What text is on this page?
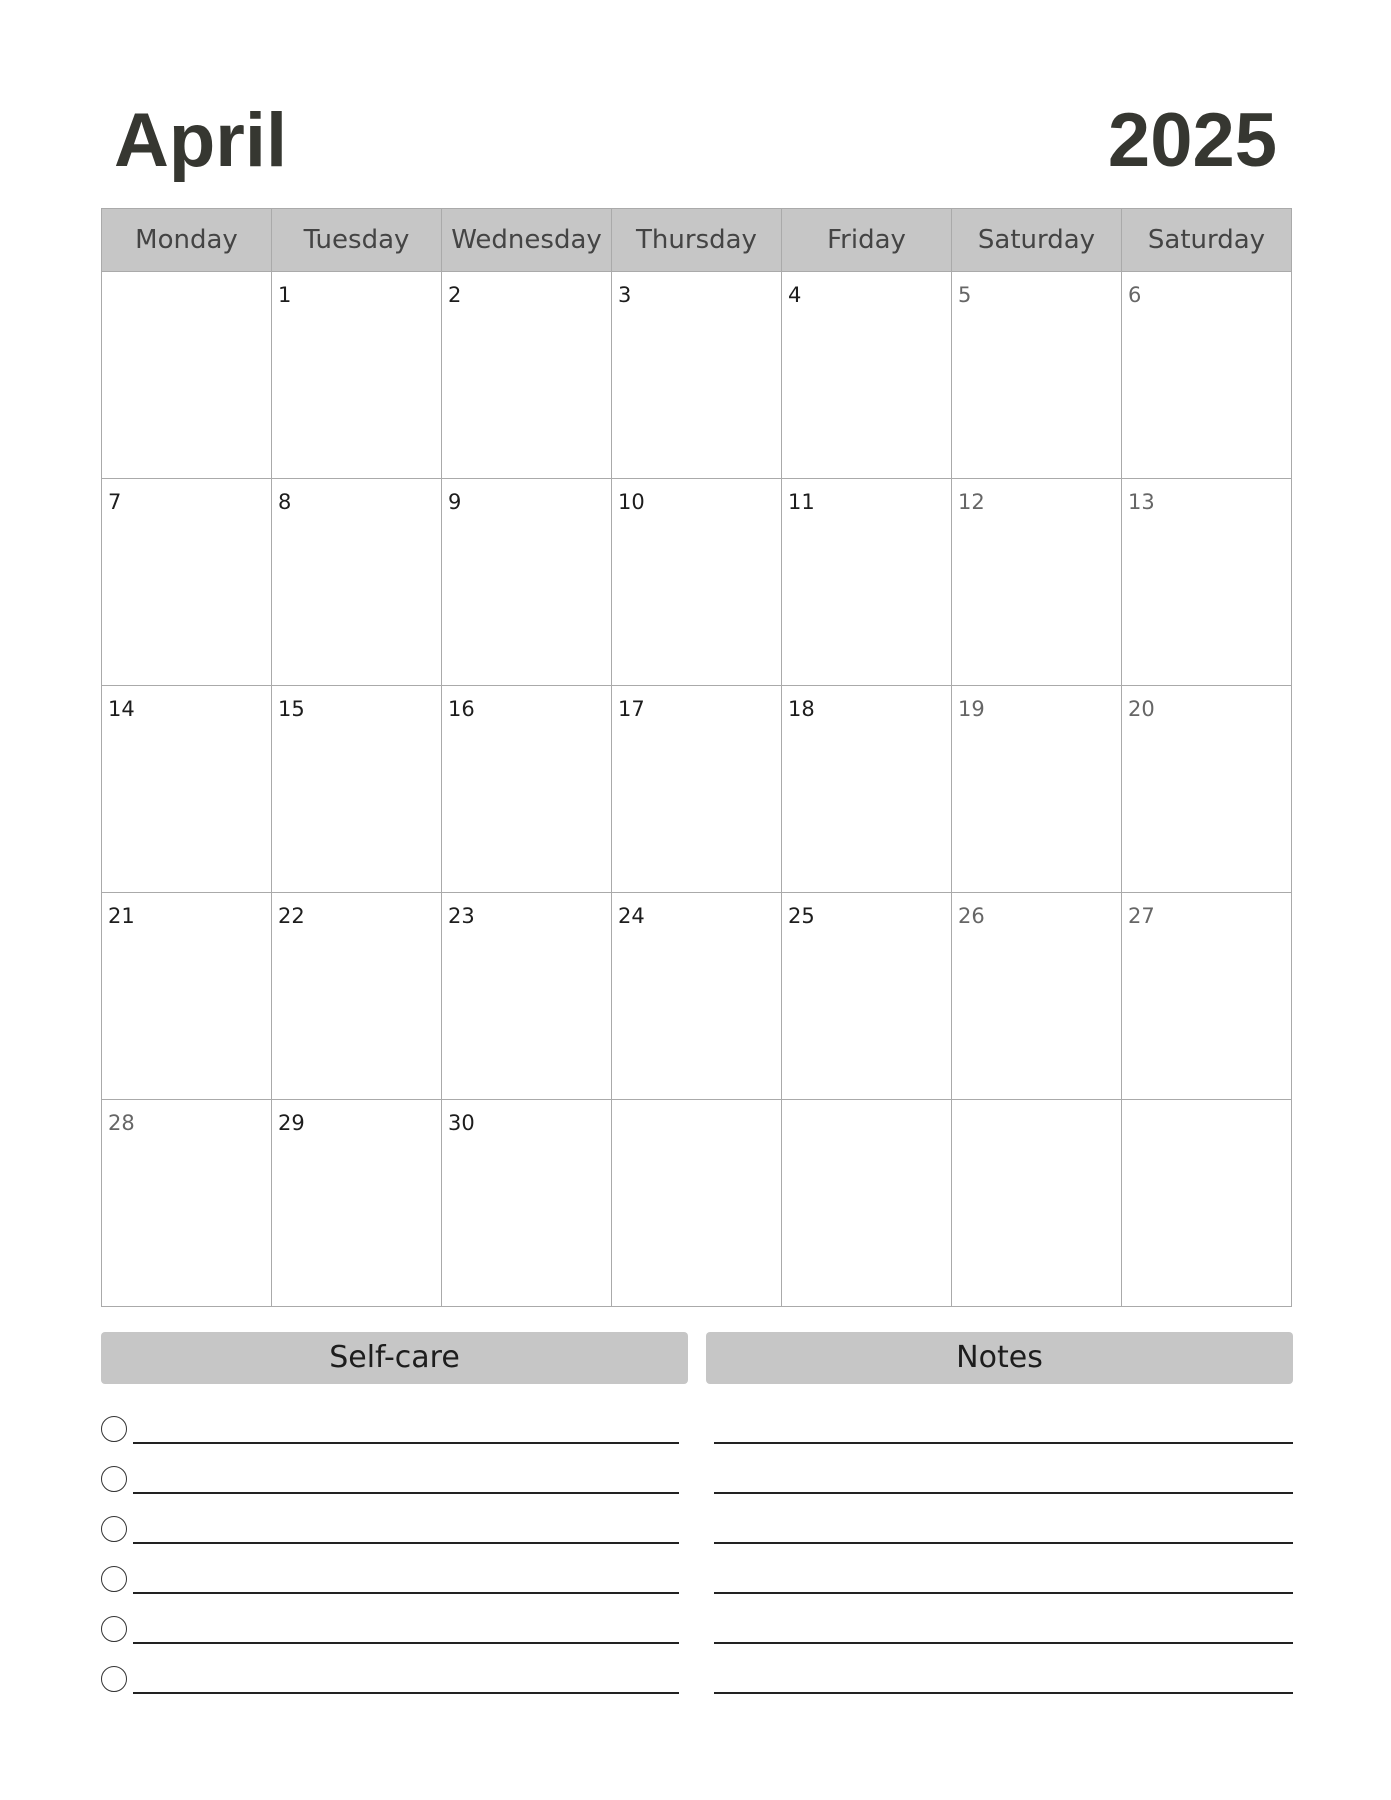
April	2025
Monday	Tuesday	Wednesday	Thursday	Friday	Saturday	Saturday

	1	2	3	4	5	6

7	8	9	10	11	12	13

14	15	16	17	18	19	20

21	22	23	24	25	26	27

28	29	30				

Self-care	Notes
